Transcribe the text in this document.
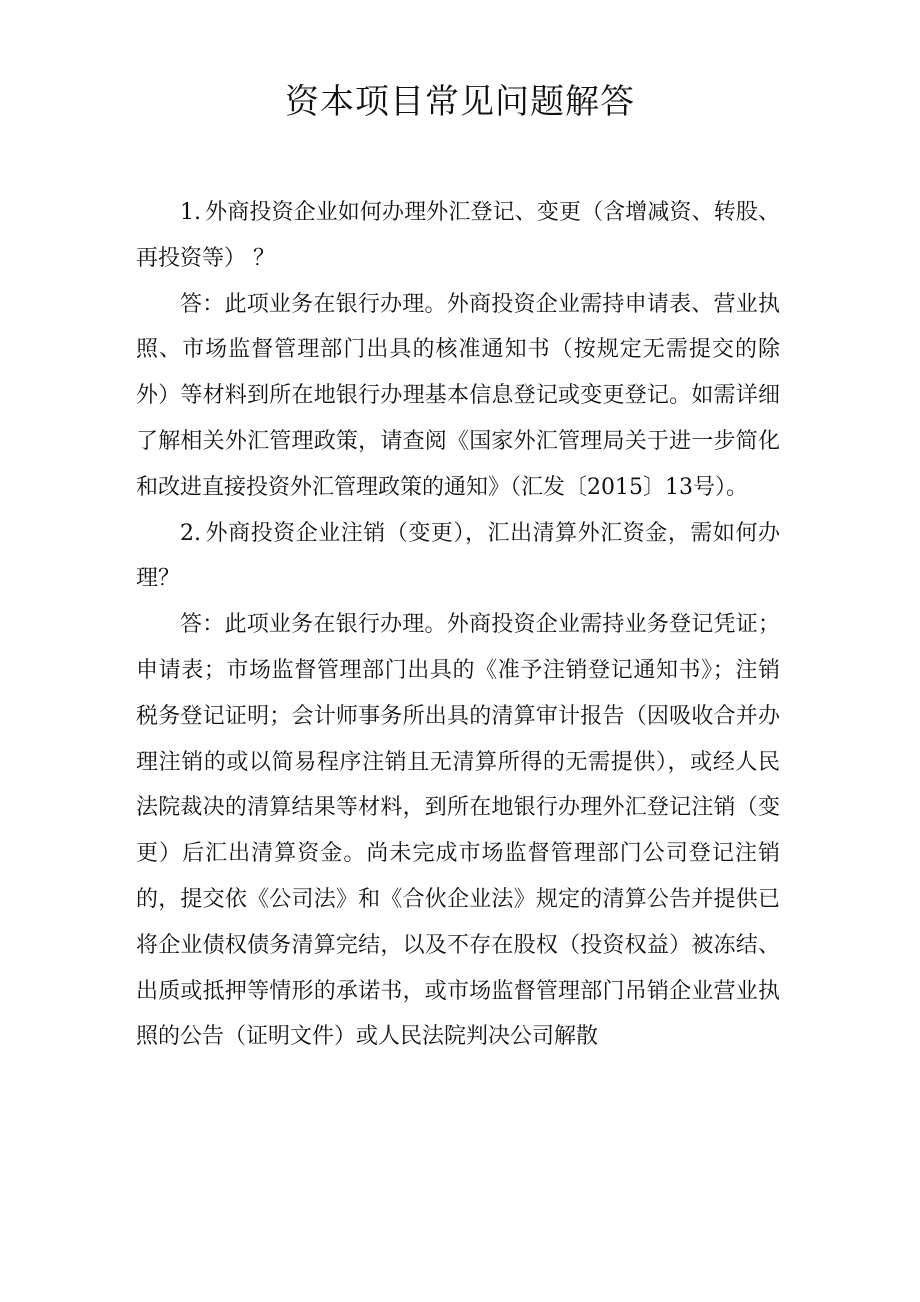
资本项目常见问题解答

1. 外商投资企业如何办理外汇登记、变更（含增减资、转股、 再投资等） ？

答：此项业务在银行办理。外商投资企业需持申请表、营业执照、市场监督管理部门出具的核准通知书（按规定无需提交的除外）等材料到所在地银行办理基本信息登记或变更登记。如需详细了解相关外汇管理政策，请查阅《国家外汇管理局关于进一步简化和改进直接投资外汇管理政策的通知》（汇发〔2015〕13号）。

2. 外商投资企业注销（变更），汇出清算外汇资金，需如何办理？

答：此项业务在银行办理。外商投资企业需持业务登记凭证；申请表；市场监督管理部门出具的《准予注销登记通知书》；注销税务登记证明；会计师事务所出具的清算审计报告（因吸收合并办理注销的或以简易程序注销且无清算所得的无需提供），或经人民法院裁决的清算结果等材料，到所在地银行办理外汇登记注销（变更）后汇出清算资金。尚未完成市场监督管理部门公司登记注销的，提交依《公司法》和《合伙企业法》规定的清算公告并提供已将企业债权债务清算完结，以及不存在股权（投资权益）被冻结、出质或抵押等情形的承诺书，或市场监督管理部门吊销企业营业执照的公告（证明文件）或人民法院判决公司解散
